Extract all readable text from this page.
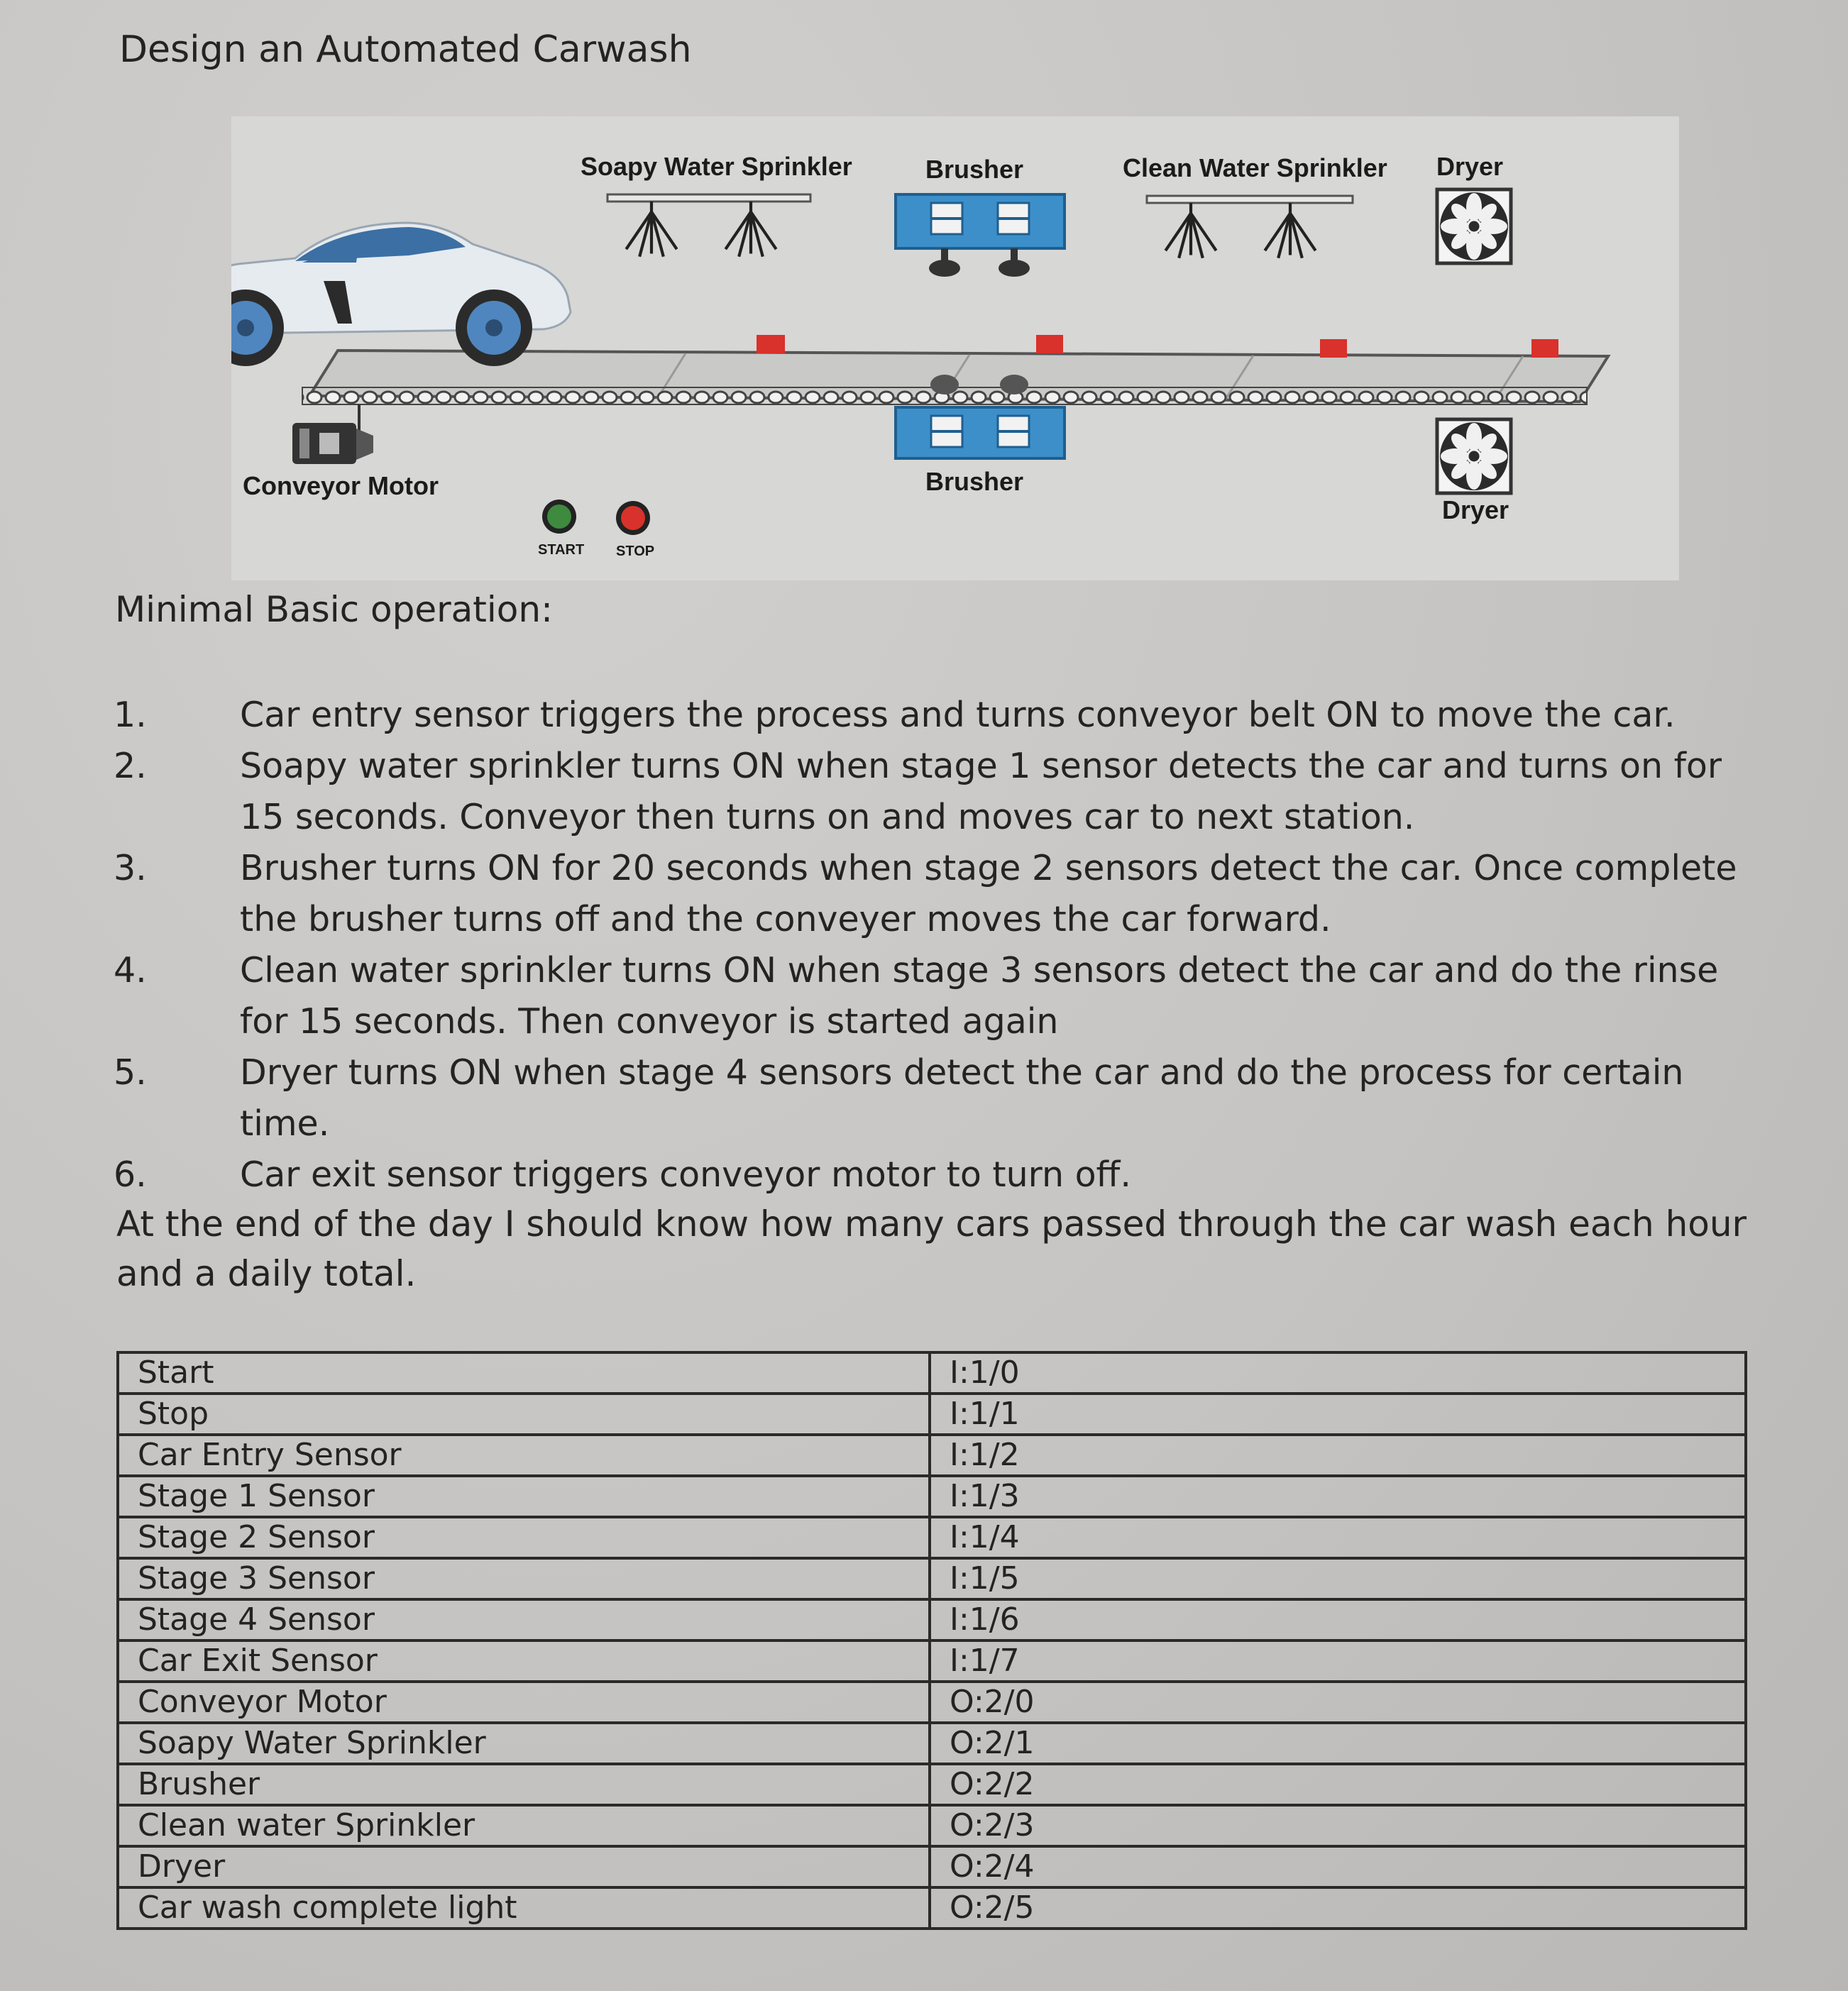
Design an Automated Carwash
Soapy Water Sprinkler	Brusher	Clean Water Sprinkler Dryer
Conveyor Motor	Brusher
Dryer
START STOP
Minimal Basic operation:
1.	Car entry sensor triggers the process and turns conveyor belt ON to move the car.
2.	Soapy water sprinkler turns ON when stage 1 sensor detects the car and turns on for 15 seconds. Conveyor then turns on and moves car to next station.
3.	Brusher turns ON for 20 seconds when stage 2 sensors detect the car. Once complete the brusher turns off and the conveyer moves the car forward.
4.	Clean water sprinkler turns ON when stage 3 sensors detect the car and do the rinse for 15 seconds. Then conveyor is started again
5.	Dryer turns ON when stage 4 sensors detect the car and do the process for certain time.
6.	Car exit sensor triggers conveyor motor to turn off.

At the end of the day I should know how many cars passed through the car wash each hour and a daily total.

Start	I:1/0
Stop	I:1/1
Car Entry Sensor	I:1/2
Stage 1 Sensor	I:1/3
Stage 2 Sensor	I:1/4
Stage 3 Sensor	I:1/5
Stage 4 Sensor	I:1/6
Car Exit Sensor	I:1/7
Conveyor Motor	O:2/0
Soapy Water Sprinkler	O:2/1
Brusher	O:2/2
Clean water Sprinkler	O:2/3
Dryer	O:2/4
Car wash complete light	O:2/5
